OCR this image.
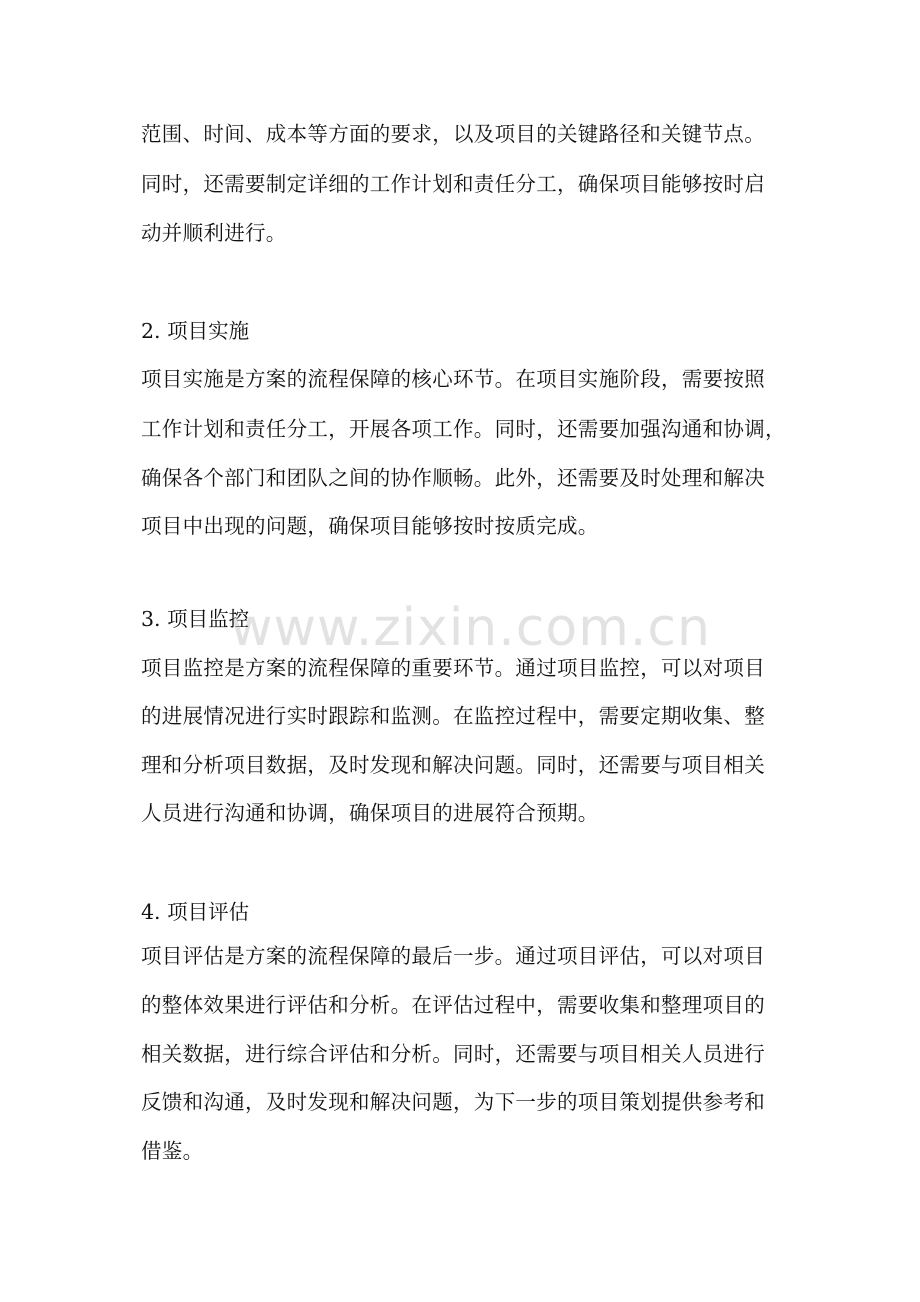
范围、时间、成本等方面的要求，以及项目的关键路径和关键节点。
同时，还需要制定详细的工作计划和责任分工，确保项目能够按时启
动并顺利进行。
2. 项目实施
项目实施是方案的流程保障的核心环节。在项目实施阶段，需要按照
工作计划和责任分工，开展各项工作。同时，还需要加强沟通和协调，
确保各个部门和团队之间的协作顺畅。此外，还需要及时处理和解决
项目中出现的问题，确保项目能够按时按质完成。
3. 项目监控
项目监控是方案的流程保障的重要环节。通过项目监控，可以对项目
的进展情况进行实时跟踪和监测。在监控过程中，需要定期收集、整
理和分析项目数据，及时发现和解决问题。同时，还需要与项目相关
人员进行沟通和协调，确保项目的进展符合预期。
4. 项目评估
项目评估是方案的流程保障的最后一步。通过项目评估，可以对项目
的整体效果进行评估和分析。在评估过程中，需要收集和整理项目的
相关数据，进行综合评估和分析。同时，还需要与项目相关人员进行
反馈和沟通，及时发现和解决问题，为下一步的项目策划提供参考和
借鉴。
www.zixin.com.cn
